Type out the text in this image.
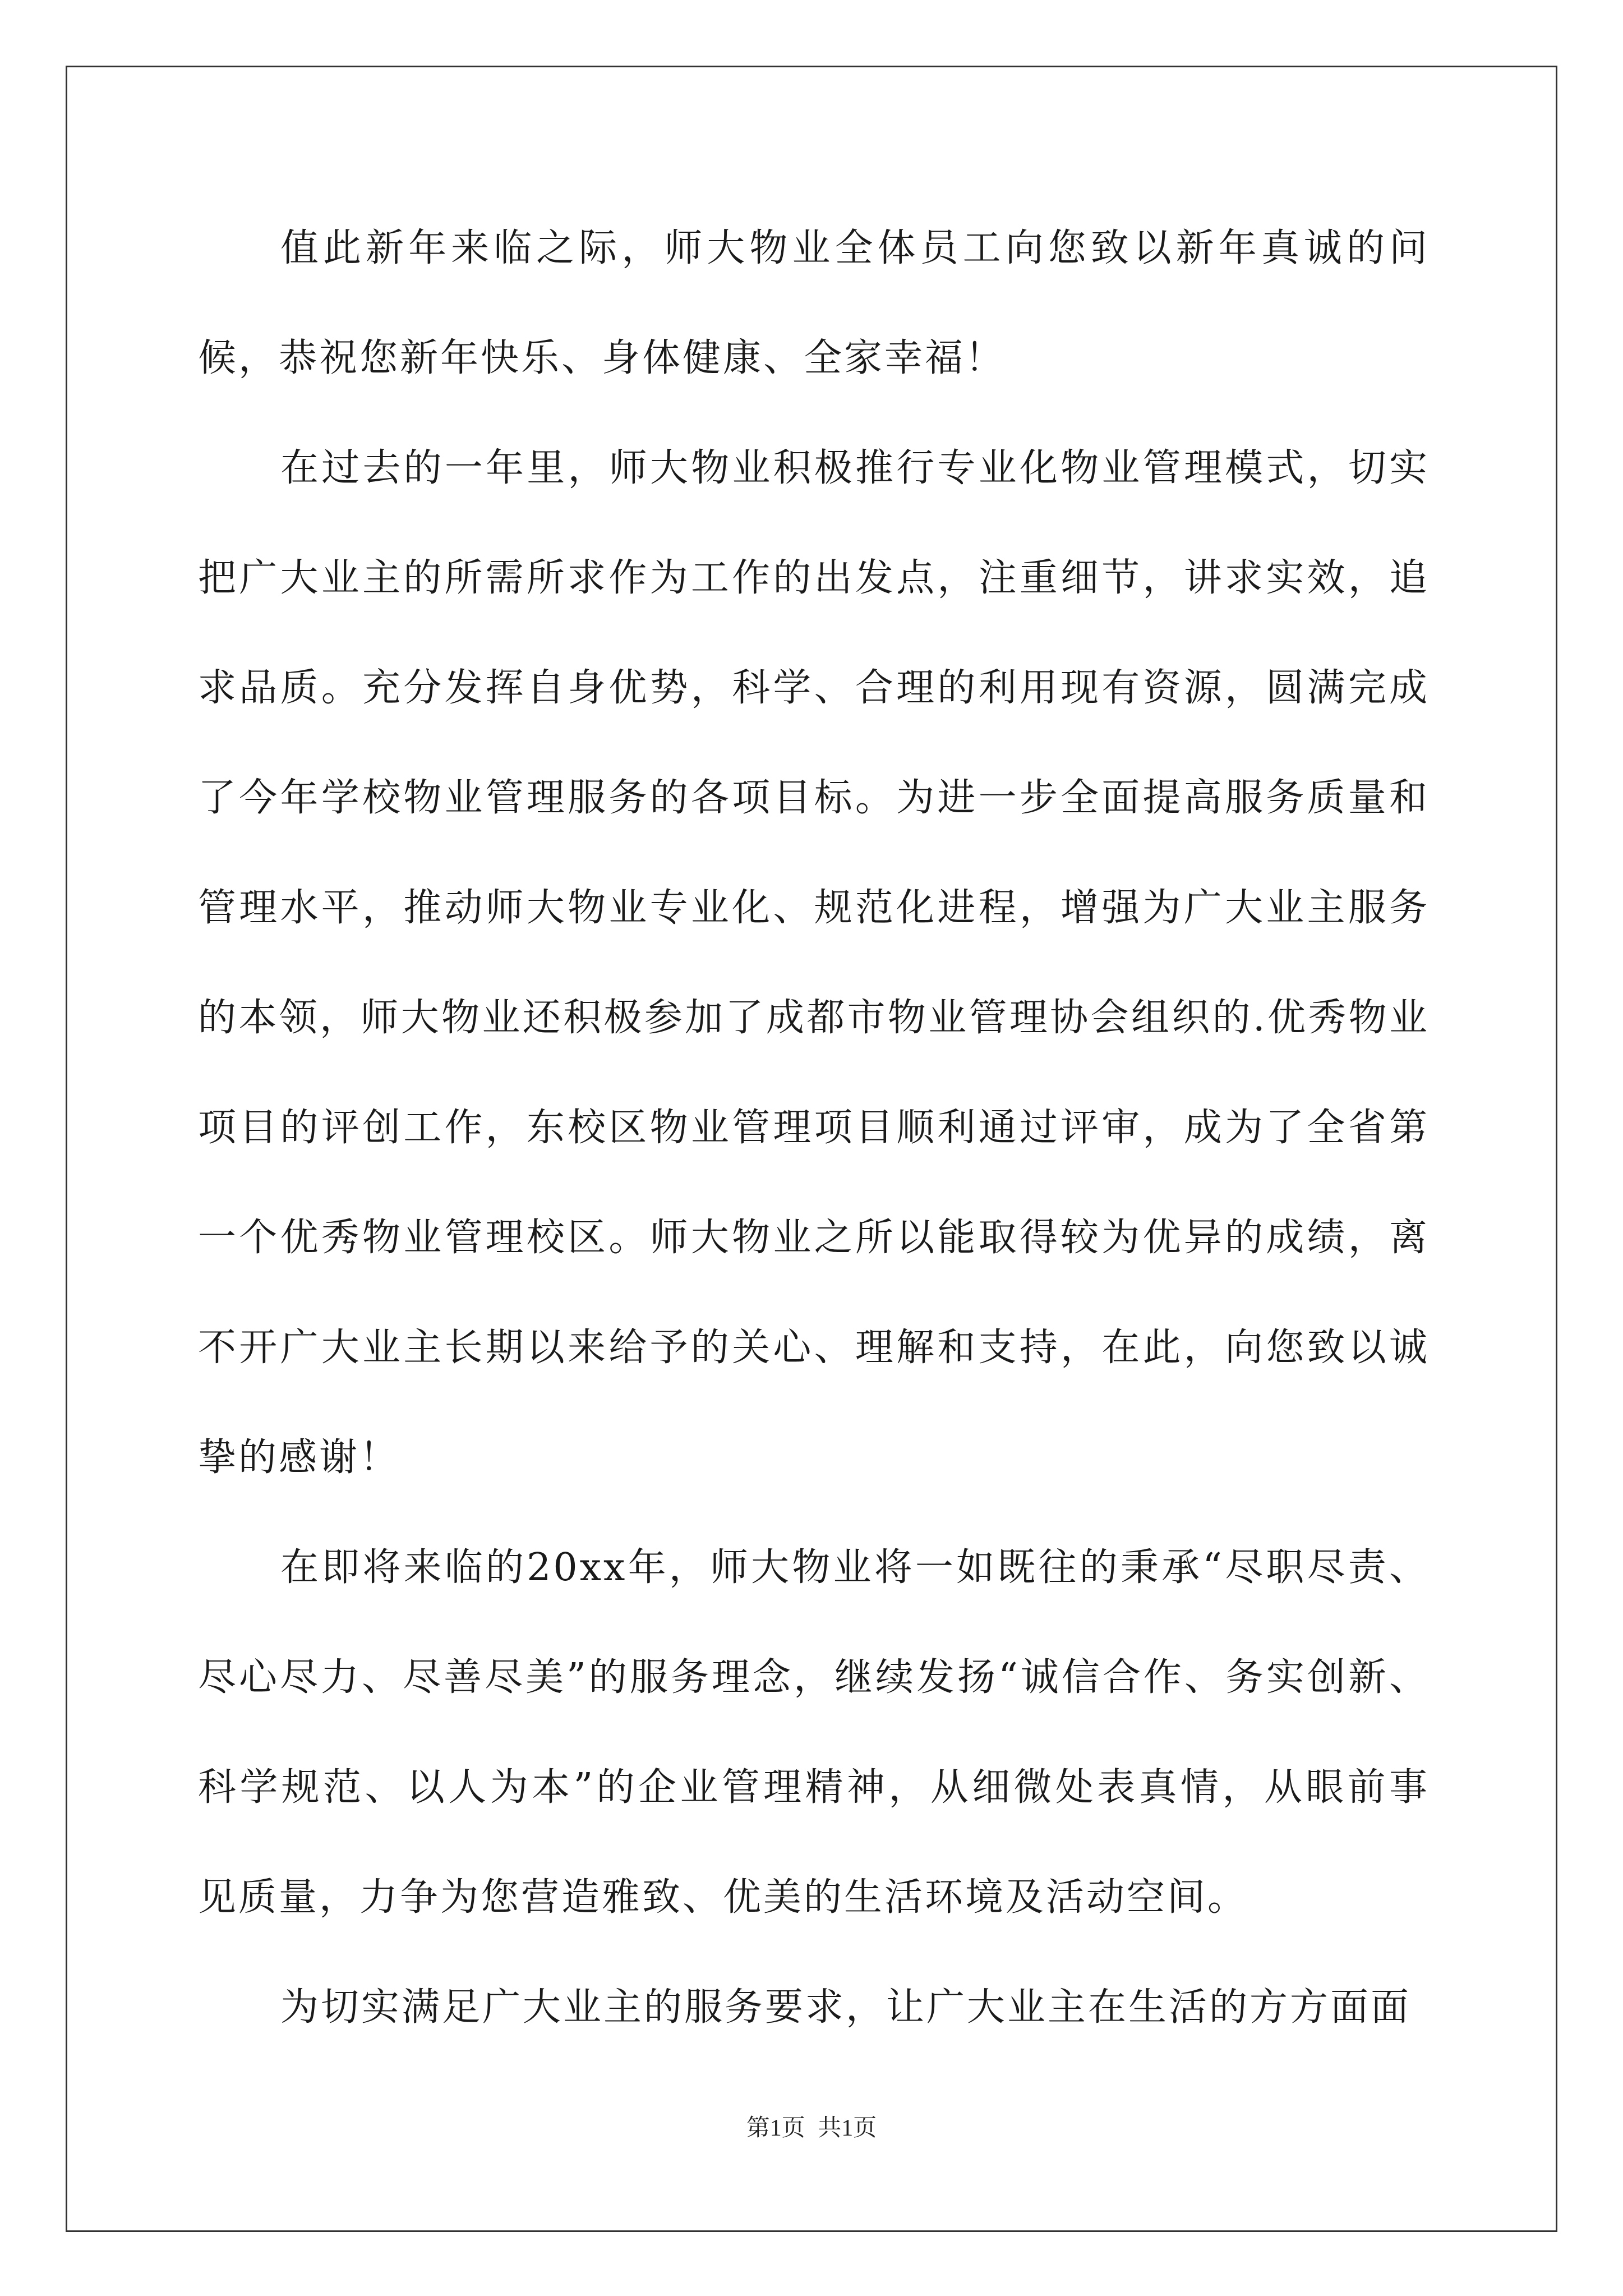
值此新年来临之际，师大物业全体员工向您致以新年真诚的问候，恭祝您新年快乐、身体健康、全家幸福！

在过去的一年里，师大物业积极推行专业化物业管理模式，切实把广大业主的所需所求作为工作的出发点，注重细节，讲求实效，追求品质。充分发挥自身优势，科学、合理的利用现有资源，圆满完成了今年学校物业管理服务的各项目标。为进一步全面提高服务质量和管理水平，推动师大物业专业化、规范化进程，增强为广大业主服务的本领，师大物业还积极参加了成都市物业管理协会组织的.优秀物业项目的评创工作，东校区物业管理项目顺利通过评审，成为了全省第一个优秀物业管理校区。师大物业之所以能取得较为优异的成绩，离不开广大业主长期以来给予的关心、理解和支持，在此，向您致以诚挚的感谢！

在即将来临的20xx年，师大物业将一如既往的秉承“尽职尽责、尽心尽力、尽善尽美”的服务理念，继续发扬“诚信合作、务实创新、科学规范、以人为本”的企业管理精神，从细微处表真情，从眼前事见质量，力争为您营造雅致、优美的生活环境及活动空间。

为切实满足广大业主的服务要求，让广大业主在生活的方方面面

第1页 共1页
